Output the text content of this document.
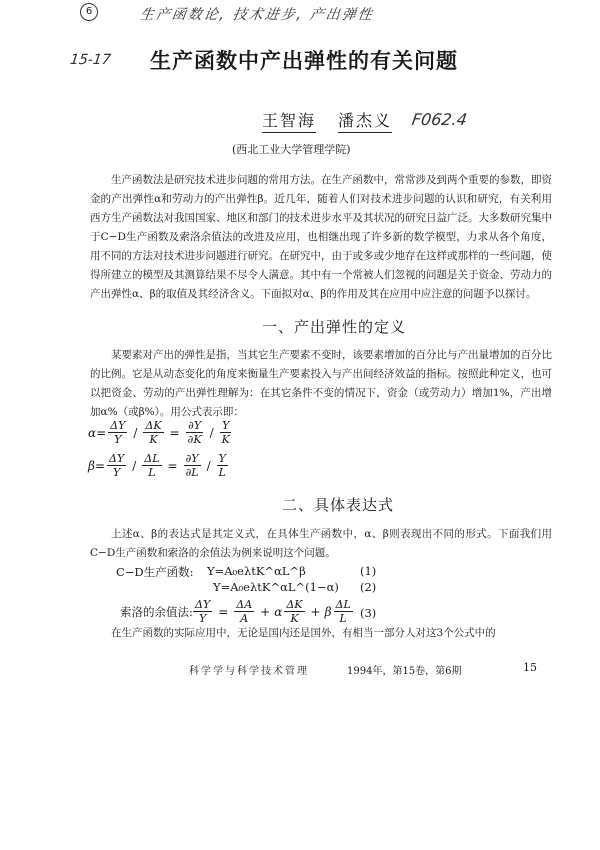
6	生产函数论, 技术进步, 产出弹性
15-17 生产函数中产出弹性的有关问题
王智海 潘杰义 F062.4
(西北工业大学管理学院)

生产函数法是研究技术进步问题的常用方法。在生产函数中，常常涉及到两个重要的参数，即资金的产出弹性α和劳动力的产出弹性β。近几年，随着人们对技术进步问题的认识和研究，有关利用西方生产函数法对我国国家、地区和部门的技术进步水平及其状况的研究日益广泛。大多数研究集中于C−D生产函数及索洛余值法的改进及应用，也相继出现了许多新的数学模型，力求从各个角度，用不同的方法对技术进步问题进行研究。在研究中，由于或多或少地存在这样或那样的一些问题，使得所建立的模型及其测算结果不尽令人满意。其中有一个常被人们忽视的问题是关于资金、劳动力的产出弹性α、β的取值及其经济含义。下面拟对α、β的作用及其在应用中应注意的问题予以探讨。

一、产出弹性的定义

某要素对产出的弹性是指，当其它生产要素不变时，该要素增加的百分比与产出量增加的百分比的比例。它是从动态变化的角度来衡量生产要素投入与产出间经济效益的指标。按照此种定义，也可以把资金、劳动的产出弹性理解为：在其它条件不变的情况下，资金（或劳动力）增加1%，产出增加α%（或β%）。用公式表示即：

$\alpha= \frac{\Delta Y}{Y} / \frac{\Delta K}{K} = \frac{\partial Y}{\partial K} / \frac{Y}{K}$
$\beta= \frac{\Delta Y}{Y} / \frac{\Delta L}{L} = \frac{\partial Y}{\partial L} / \frac{Y}{L}$
二、具体表达式

上述α、β的表达式是其定义式，在具体生产函数中，α、β则表现出不同的形式。下面我们用C−D生产函数和索洛的余值法为例来说明这个问题。

C−D生产函数: Y=A₀eλtK^αL^β	(1)
Y=A₀eλtK^αL^(1−α) (2)
索洛的余值法: $\frac{\Delta Y}{Y} = \frac{\Delta A}{A} + \alpha \frac{\Delta K}{K} + \beta \frac{\Delta L}{L} (3)$

在生产函数的实际应用中，无论是国内还是国外，有相当一部分人对这3个公式中的

科学学与科学技术管理	1994年，第15卷，第6期	15
